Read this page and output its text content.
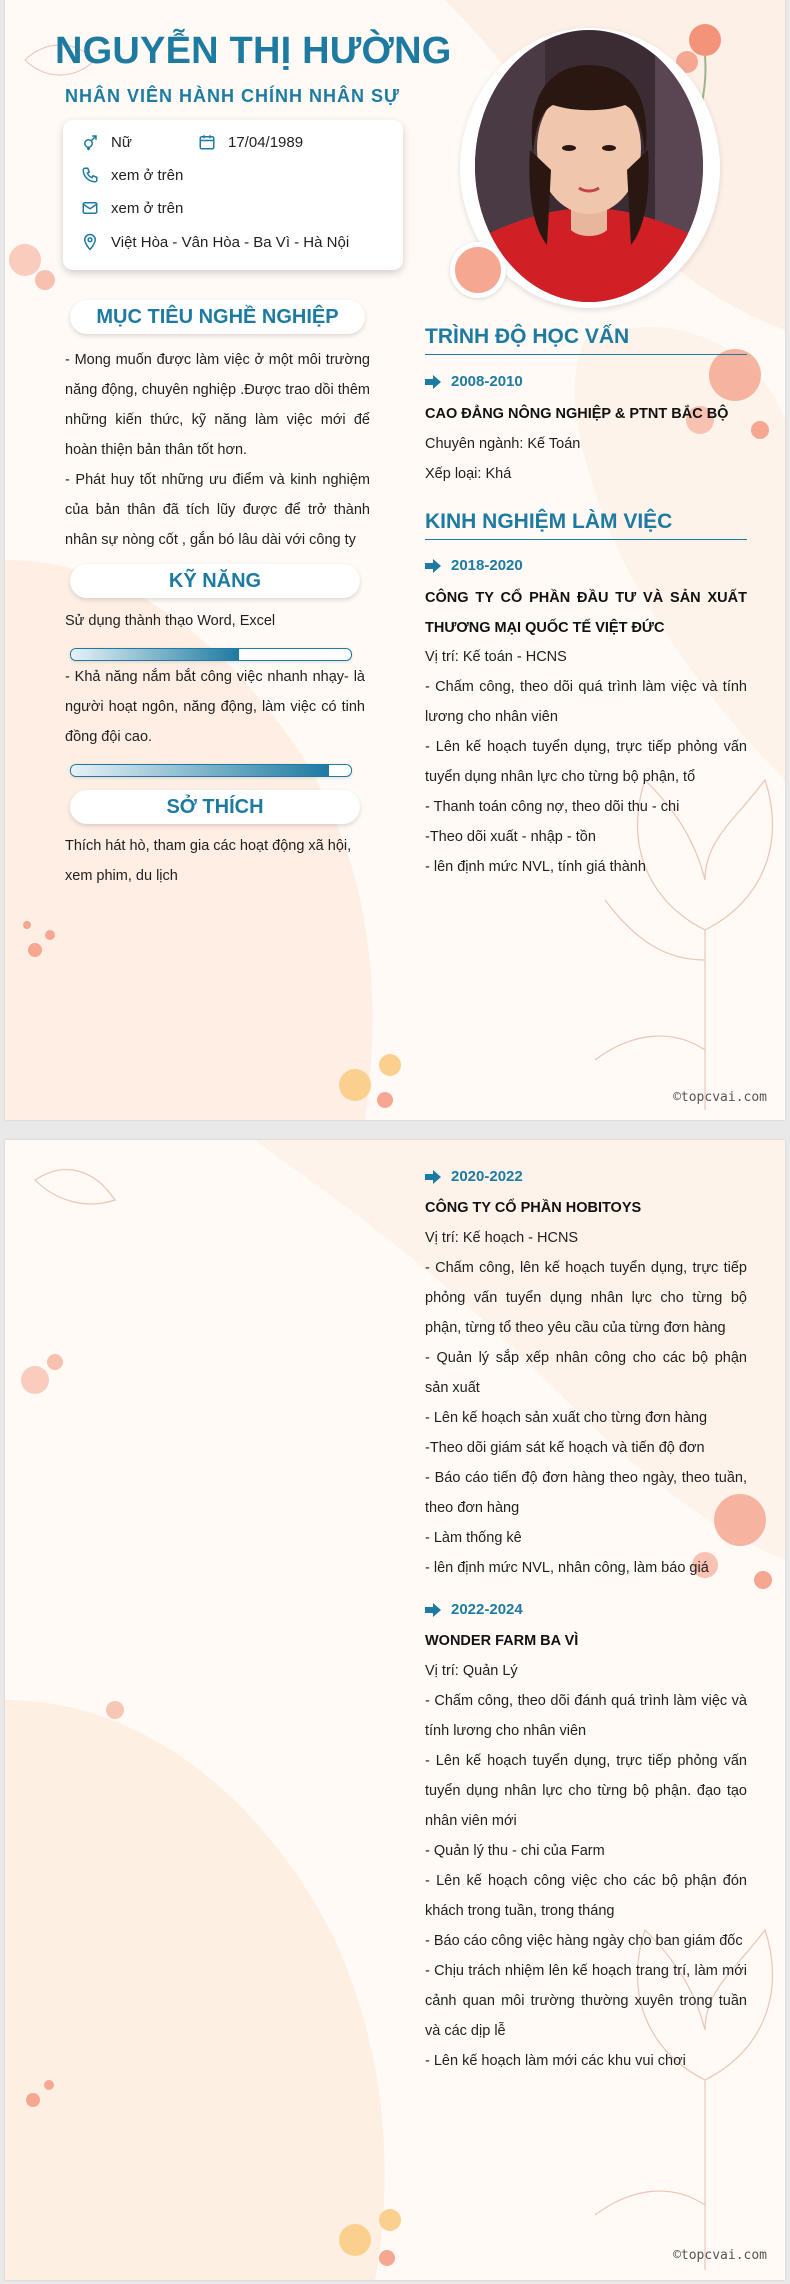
NGUYỄN THỊ HƯỜNG
NHÂN VIÊN HÀNH CHÍNH NHÂN SỰ
Nữ	17/04/1989
xem ở trên
xem ở trên
Việt Hòa - Vân Hòa - Ba Vì - Hà Nội
MỤC TIÊU NGHỀ NGHIỆP

- Mong muốn được làm việc ở một môi trường năng động, chuyên nghiệp .Được trao dồi thêm những kiến thức, kỹ năng làm việc mới để hoàn thiện bản thân tốt hơn.

- Phát huy tốt những ưu điểm và kinh nghiệm của bản thân đã tích lũy được để trở thành nhân sự nòng cốt , gắn bó lâu dài với công ty

KỸ NĂNG
Sử dụng thành thạo Word, Excel
- Khả năng nắm bắt công việc nhanh nhạy- là người hoạt ngôn, năng động, làm việc có tinh đồng đội cao.
SỞ THÍCH
Thích hát hò, tham gia các hoạt động xã hội, xem phim, du lịch
TRÌNH ĐỘ HỌC VẤN
2008-2010
CAO ĐẲNG NÔNG NGHIỆP & PTNT BẮC BỘ
Chuyên ngành: Kế Toán
Xếp loại: Khá
KINH NGHIỆM LÀM VIỆC
2018-2020
CÔNG TY CỔ PHẦN ĐẦU TƯ VÀ SẢN XUẤT THƯƠNG MẠI QUỐC TẾ VIỆT ĐỨC
Vị trí: Kế toán - HCNS

- Chấm công, theo dõi quá trình làm việc và tính lương cho nhân viên

- Lên kế hoạch tuyển dụng, trực tiếp phỏng vấn tuyển dụng nhân lực cho từng bộ phận, tổ

- Thanh toán công nợ, theo dõi thu - chi

-Theo dõi xuất - nhập - tồn

- lên định mức NVL, tính giá thành

©topcvai.com
2020-2022
CÔNG TY CỔ PHẦN HOBITOYS
Vị trí: Kế hoạch - HCNS

- Chấm công, lên kế hoạch tuyển dụng, trực tiếp phỏng vấn tuyển dụng nhân lực cho từng bộ phận, từng tổ theo yêu cầu của từng đơn hàng

- Quản lý sắp xếp nhân công cho các bộ phận sản xuất

- Lên kế hoạch sản xuất cho từng đơn hàng

-Theo dõi giám sát kế hoạch và tiến độ đơn

- Báo cáo tiến độ đơn hàng theo ngày, theo tuần, theo đơn hàng

- Làm thống kê

- lên định mức NVL, nhân công, làm báo giá

2022-2024
WONDER FARM BA VÌ
Vị trí: Quản Lý

- Chấm công, theo dõi đánh quá trình làm việc và tính lương cho nhân viên

- Lên kế hoạch tuyển dụng, trực tiếp phỏng vấn tuyển dụng nhân lực cho từng bộ phận. đạo tạo nhân viên mới

- Quản lý thu - chi của Farm

- Lên kế hoạch công việc cho các bộ phận đón khách trong tuần, trong tháng

- Báo cáo công việc hàng ngày cho ban giám đốc

- Chịu trách nhiệm lên kế hoạch trang trí, làm mới cảnh quan môi trường thường xuyên trong tuần và các dịp lễ

- Lên kế hoạch làm mới các khu vui chơi

©topcvai.com
